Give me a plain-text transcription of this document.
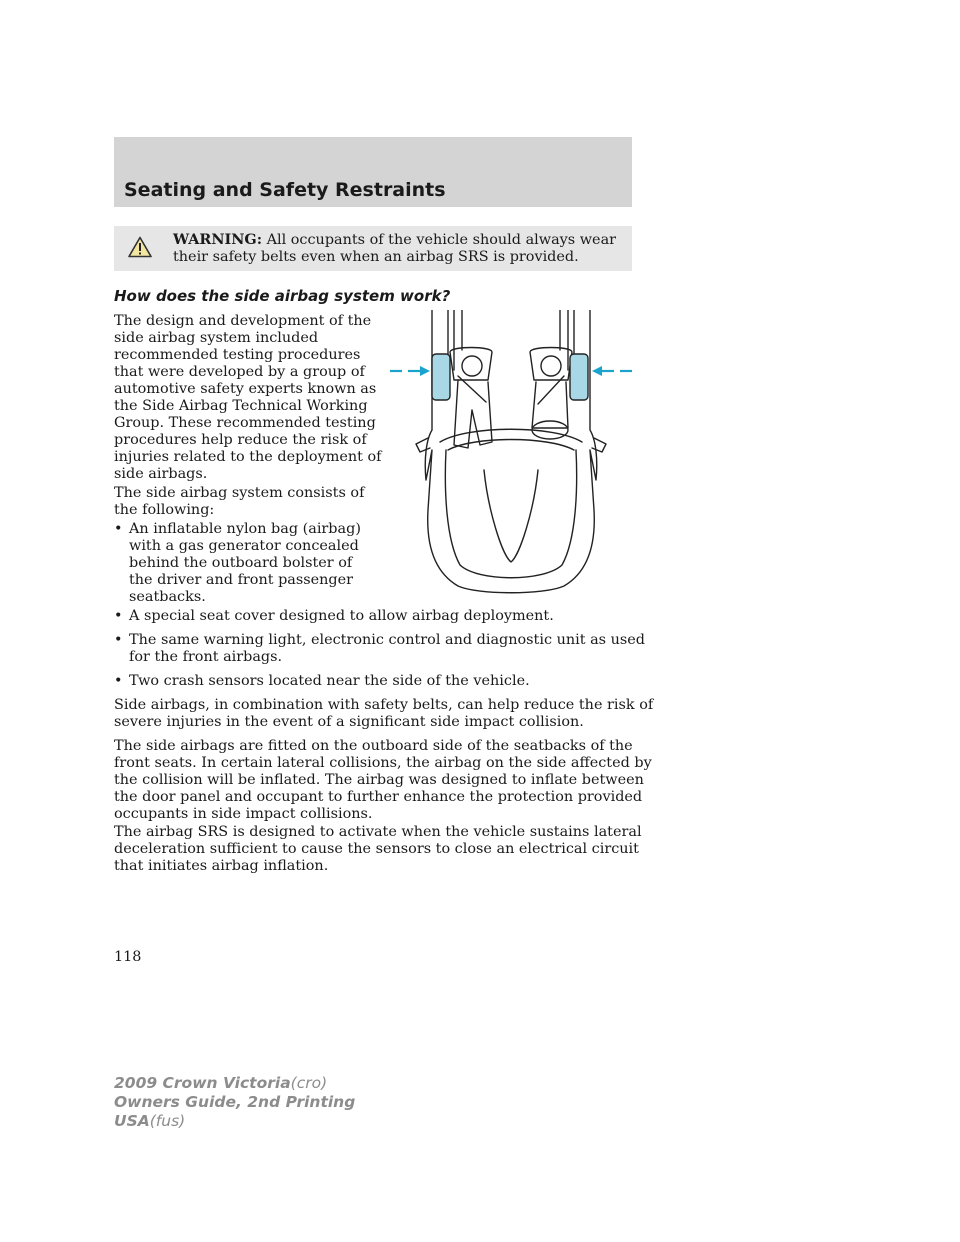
Seating and Safety Restraints
WARNING: All occupants of the vehicle should always wear
their safety belts even when an airbag SRS is provided.
How does the side airbag system work?

The design and development of the
side airbag system included
recommended testing procedures
that were developed by a group of
automotive safety experts known as
the Side Airbag Technical Working
Group. These recommended testing
procedures help reduce the risk of
injuries related to the deployment of
side airbags.

The side airbag system consists of
the following:

• An inflatable nylon bag (airbag)
with a gas generator concealed
behind the outboard bolster of
the driver and front passenger
seatbacks.
• A special seat cover designed to allow airbag deployment.
• The same warning light, electronic control and diagnostic unit as used
for the front airbags.
• Two crash sensors located near the side of the vehicle.

Side airbags, in combination with safety belts, can help reduce the risk of
severe injuries in the event of a significant side impact collision.

The side airbags are fitted on the outboard side of the seatbacks of the
front seats. In certain lateral collisions, the airbag on the side affected by
the collision will be inflated. The airbag was designed to inflate between
the door panel and occupant to further enhance the protection provided
occupants in side impact collisions.

The airbag SRS is designed to activate when the vehicle sustains lateral
deceleration sufficient to cause the sensors to close an electrical circuit
that initiates airbag inflation.

118

2009 Crown Victoria(cro)
Owners Guide, 2nd Printing
USA(fus)
